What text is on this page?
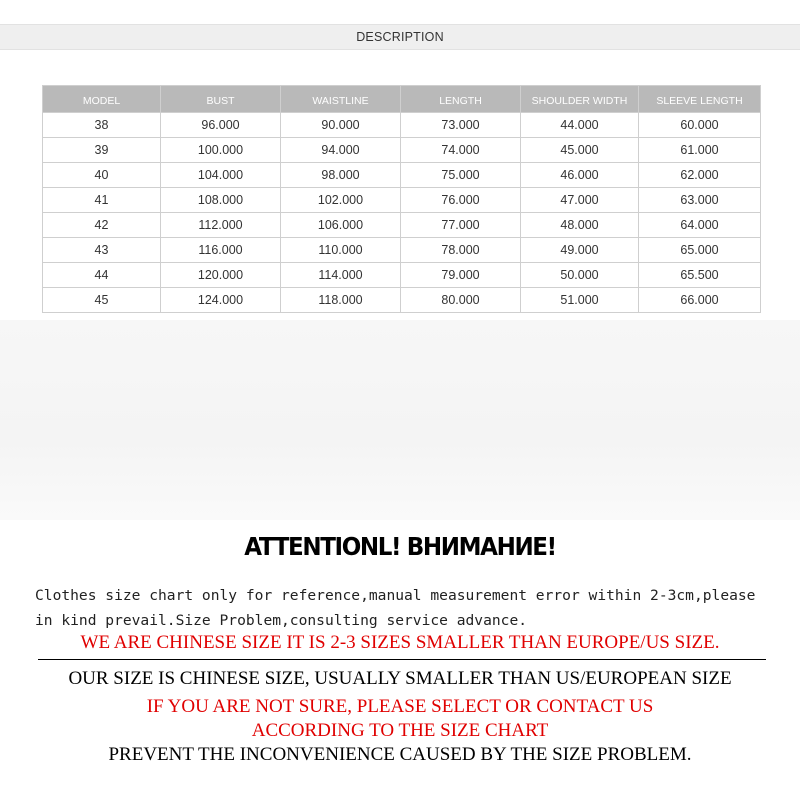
DESCRIPTION
MODEL	BUST	WAISTLINE	LENGTH	SHOULDER WIDTH	SLEEVE LENGTH
38	96.000	90.000	73.000	44.000	60.000
39	100.000	94.000	74.000	45.000	61.000
40	104.000	98.000	75.000	46.000	62.000
41	108.000	102.000	76.000	47.000	63.000
42	112.000	106.000	77.000	48.000	64.000
43	116.000	110.000	78.000	49.000	65.000
44	120.000	114.000	79.000	50.000	65.500
45	124.000	118.000	80.000	51.000	66.000
ATTENTIONL! ВНИМАНИЕ!
Clothes size chart only for reference,manual measurement error within 2-3cm,please in kind prevail.Size Problem,consulting service advance.
WE ARE CHINESE SIZE IT IS 2-3 SIZES SMALLER THAN EUROPE/US SIZE.
OUR SIZE IS CHINESE SIZE, USUALLY SMALLER THAN US/EUROPEAN SIZE
IF YOU ARE NOT SURE, PLEASE SELECT OR CONTACT US
ACCORDING TO THE SIZE CHART
PREVENT THE INCONVENIENCE CAUSED BY THE SIZE PROBLEM.
